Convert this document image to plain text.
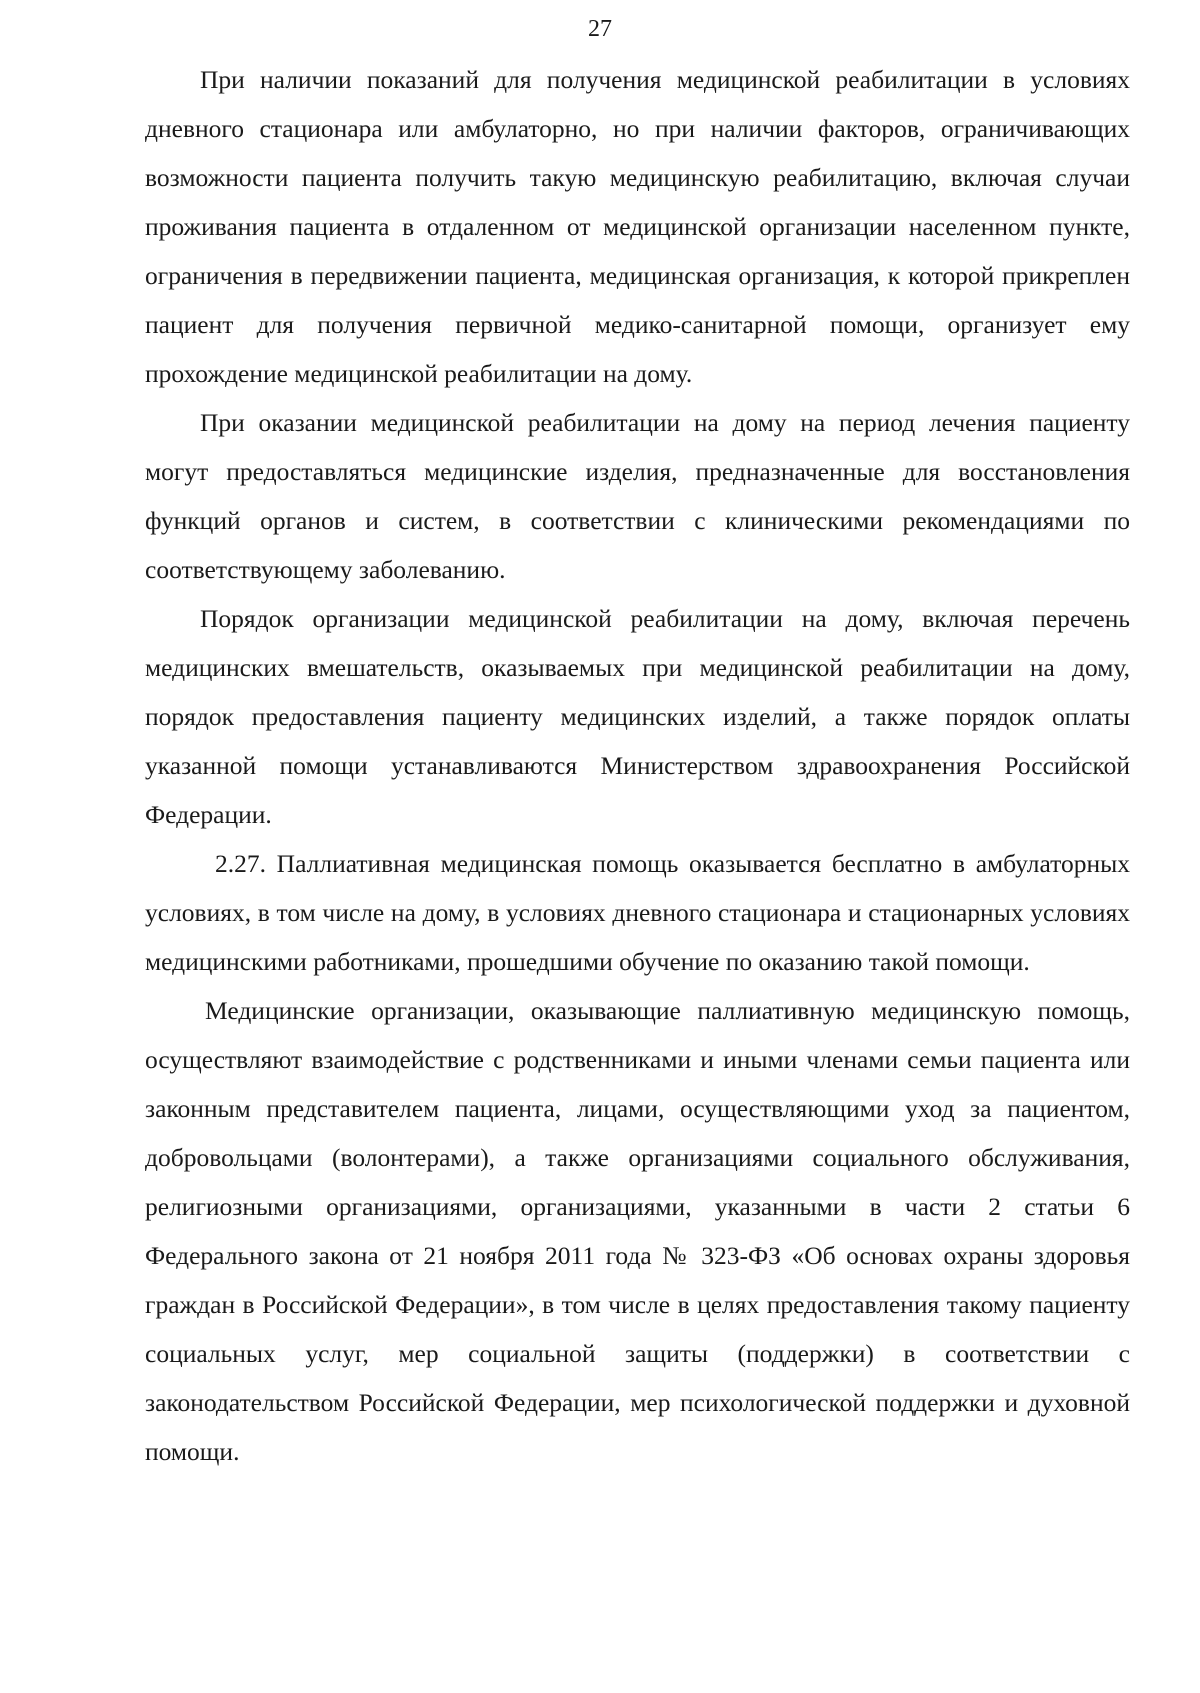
27

При наличии показаний для получения медицинской реабилитации в условиях дневного стационара или амбулаторно, но при наличии факторов, ограничивающих возможности пациента получить такую медицинскую реабилитацию, включая случаи проживания пациента в отдаленном от медицинской организации населенном пункте, ограничения в передвижении пациента, медицинская организация, к которой прикреплен пациент для получения первичной медико-санитарной помощи, организует ему прохождение медицинской реабилитации на дому.

При оказании медицинской реабилитации на дому на период лечения пациенту могут предоставляться медицинские изделия, предназначенные для восстановления функций органов и систем, в соответствии с клиническими рекомендациями по соответствующему заболеванию.

Порядок организации медицинской реабилитации на дому, включая перечень медицинских вмешательств, оказываемых при медицинской реабилитации на дому, порядок предоставления пациенту медицинских изделий, а также порядок оплаты указанной помощи устанавливаются Министерством здравоохранения Российской Федерации.

2.27. Паллиативная медицинская помощь оказывается бесплатно в амбулаторных условиях, в том числе на дому, в условиях дневного стационара и стационарных условиях медицинскими работниками, прошедшими обучение по оказанию такой помощи.

Медицинские организации, оказывающие паллиативную медицинскую помощь, осуществляют взаимодействие с родственниками и иными членами семьи пациента или законным представителем пациента, лицами, осуществляющими уход за пациентом, добровольцами (волонтерами), а также организациями социального обслуживания, религиозными организациями, организациями, указанными в части 2 статьи 6 Федерального закона от 21 ноября 2011 года № 323-ФЗ «Об основах охраны здоровья граждан в Российской Федерации», в том числе в целях предоставления такому пациенту социальных услуг, мер социальной защиты (поддержки) в соответствии с законодательством Российской Федерации, мер психологической поддержки и духовной помощи.
